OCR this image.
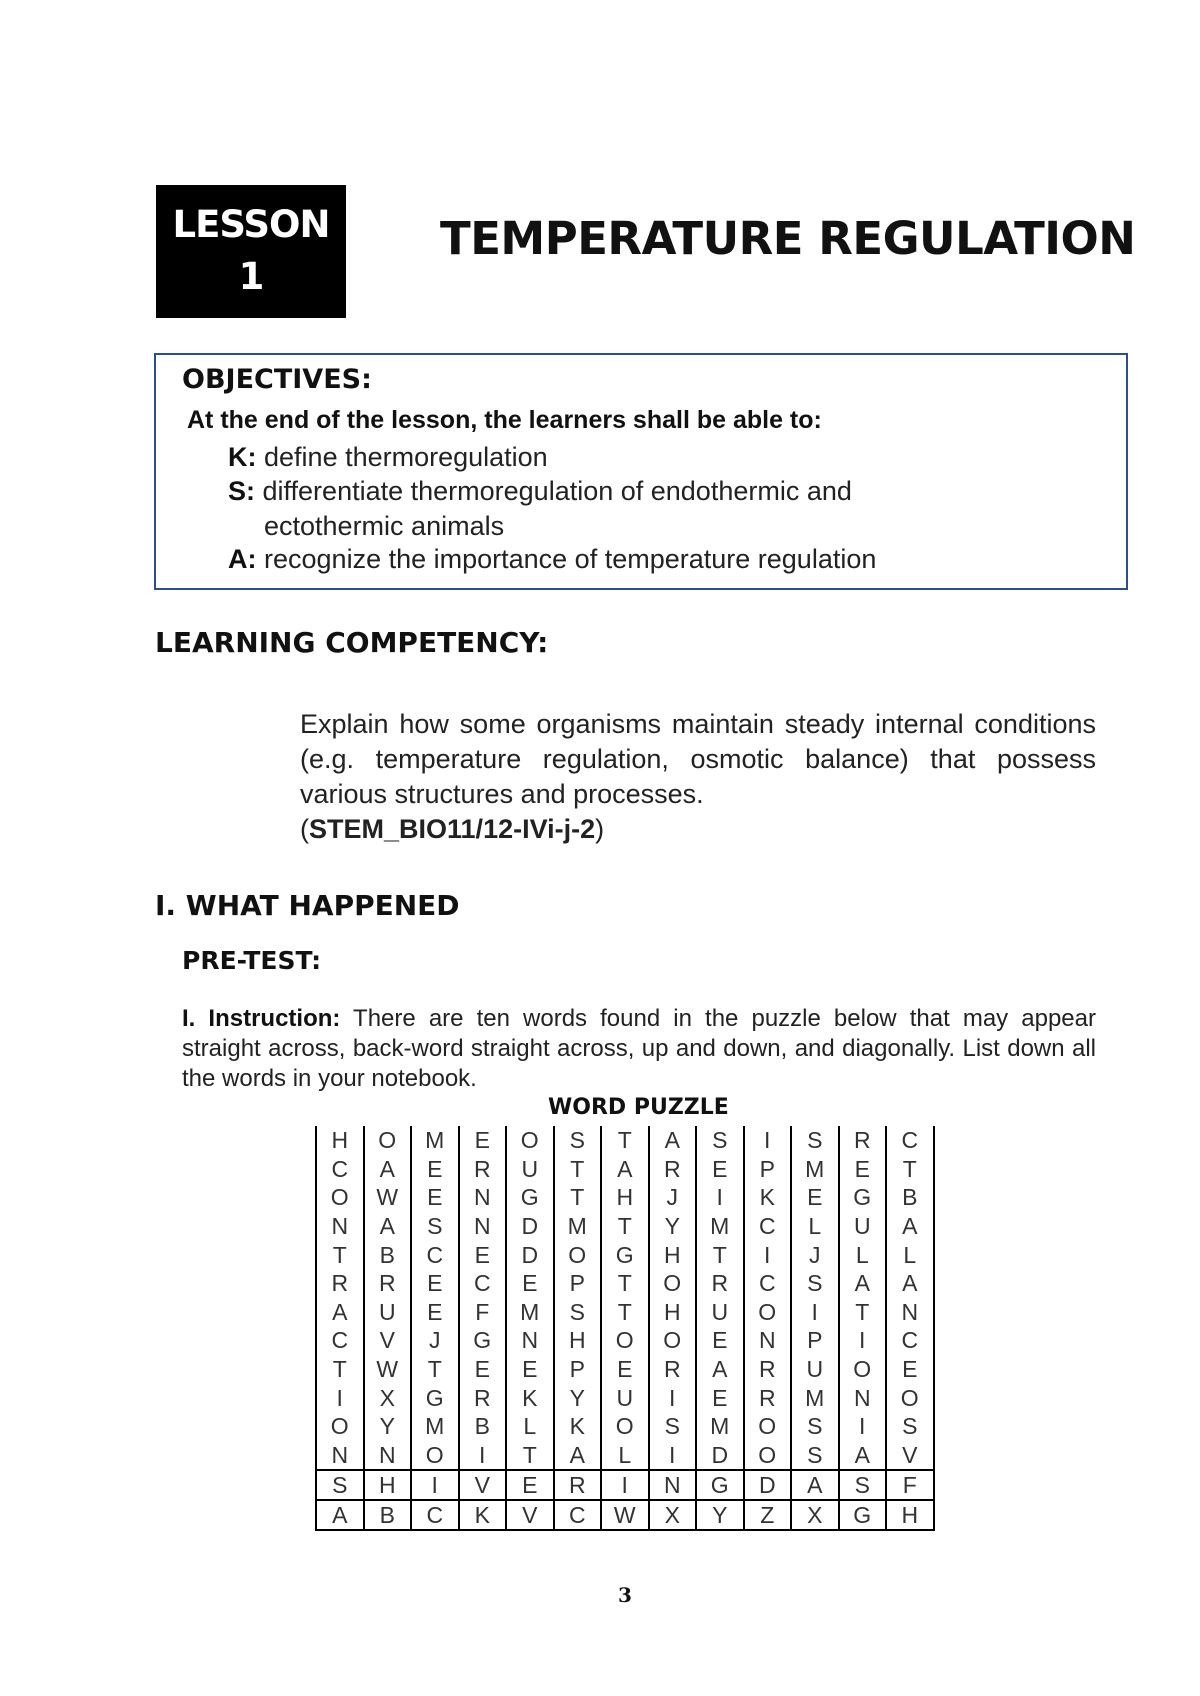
LESSON
1
TEMPERATURE REGULATION
OBJECTIVES:
At the end of the lesson, the learners shall be able to:
K: define thermoregulation
S: differentiate thermoregulation of endothermic and
ectothermic animals
A: recognize the importance of temperature regulation
LEARNING COMPETENCY:
Explain how some organisms maintain steady internal conditions (e.g. temperature regulation, osmotic balance) that possess various structures and processes.
(STEM_BIO11/12-IVi-j-2)
I. WHAT HAPPENED
PRE-TEST:
I. Instruction: There are ten words found in the puzzle below that may appear straight across, back-word straight across, up and down, and diagonally. List down all the words in your notebook.
WORD PUZZLE
H	O	M	E	O	S	T	A	S	I	S	R	C
C	A	E	R	U	T	A	R	E	P	M	E	T
O	W	E	N	G	T	H	J	I	K	E	G	B
N	A	S	N	D	M	T	Y	M	C	L	U	A
T	B	C	E	D	O	G	H	T	I	J	L	L
R	R	E	C	E	P	T	O	R	C	S	A	A
A	U	E	F	M	S	T	H	U	O	I	T	N
C	V	J	G	N	H	O	O	E	N	P	I	C
T	W	T	E	E	P	E	R	A	R	U	O	E
I	X	G	R	K	Y	U	I	E	R	M	N	O
O	Y	M	B	L	K	O	S	M	O	S	I	S
N	N	O	I	T	A	L	I	D	O	S	A	V
S	H	I	V	E	R	I	N	G	D	A	S	F
A	B	C	K	V	C	W	X	Y	Z	X	G	H
3
